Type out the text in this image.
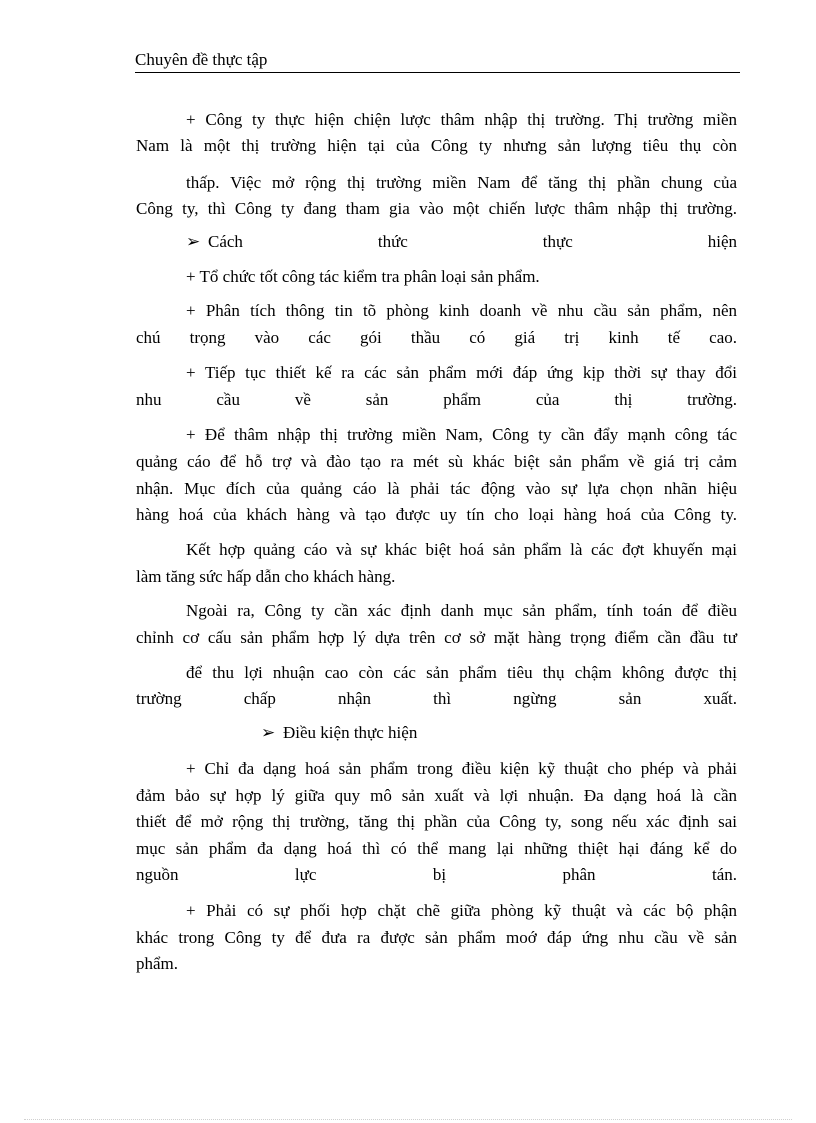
Chuyên đề thực tập
+ Công ty thực hiện chiện lược thâm nhập thị trường. Thị trường miền
Nam là một thị trường hiện tại của Công ty nhưng sản lượng tiêu thụ còn
thấp. Việc mở rộng thị trường miền Nam để tăng thị phần chung của
Công ty, thì Công ty đang tham gia vào một chiến lược thâm nhập thị trường.
➢ Cách thức thực hiện
+ Tổ chức tốt công tác kiểm tra phân loại sản phẩm.
+ Phân tích thông tin tõ phòng kinh doanh về nhu cầu sản phẩm, nên
chú trọng vào các gói thầu có giá trị kinh tế cao.
+ Tiếp tục thiết kế ra các sản phẩm mới đáp ứng kịp thời sự thay đổi
nhu cầu về sản phẩm của thị trường.
+ Để thâm nhập thị trường miền Nam, Công ty cần đẩy mạnh công tác
quảng cáo để hỗ trợ và đào tạo ra mét sù khác biệt sản phẩm về giá trị cảm
nhận. Mục đích của quảng cáo là phải tác động vào sự lựa chọn nhãn hiệu
hàng hoá của khách hàng và tạo được uy tín cho loại hàng hoá của Công ty.
Kết hợp quảng cáo và sự khác biệt hoá sản phẩm là các đợt khuyến mại
làm tăng sức hấp dẫn cho khách hàng.
Ngoài ra, Công ty cần xác định danh mục sản phẩm, tính toán để điều
chỉnh cơ cấu sản phẩm hợp lý dựa trên cơ sở mặt hàng trọng điểm cần đầu tư
để thu lợi nhuận cao còn các sản phẩm tiêu thụ chậm không được thị
trường chấp nhận thì ngừng sản xuất.
➢ Điều kiện thực hiện
+ Chỉ đa dạng hoá sản phẩm trong điều kiện kỹ thuật cho phép và phải
đảm bảo sự hợp lý giữa quy mô sản xuất và lợi nhuận. Đa dạng hoá là cần
thiết để mở rộng thị trường, tăng thị phần của Công ty, song nếu xác định sai
mục sản phẩm đa dạng hoá thì có thể mang lại những thiệt hại đáng kể do
nguồn lực bị phân tán.
+ Phải có sự phối hợp chặt chẽ giữa phòng kỹ thuật và các bộ phận
khác trong Công ty để đưa ra được sản phẩm moớ đáp ứng nhu cầu về sản
phẩm.
